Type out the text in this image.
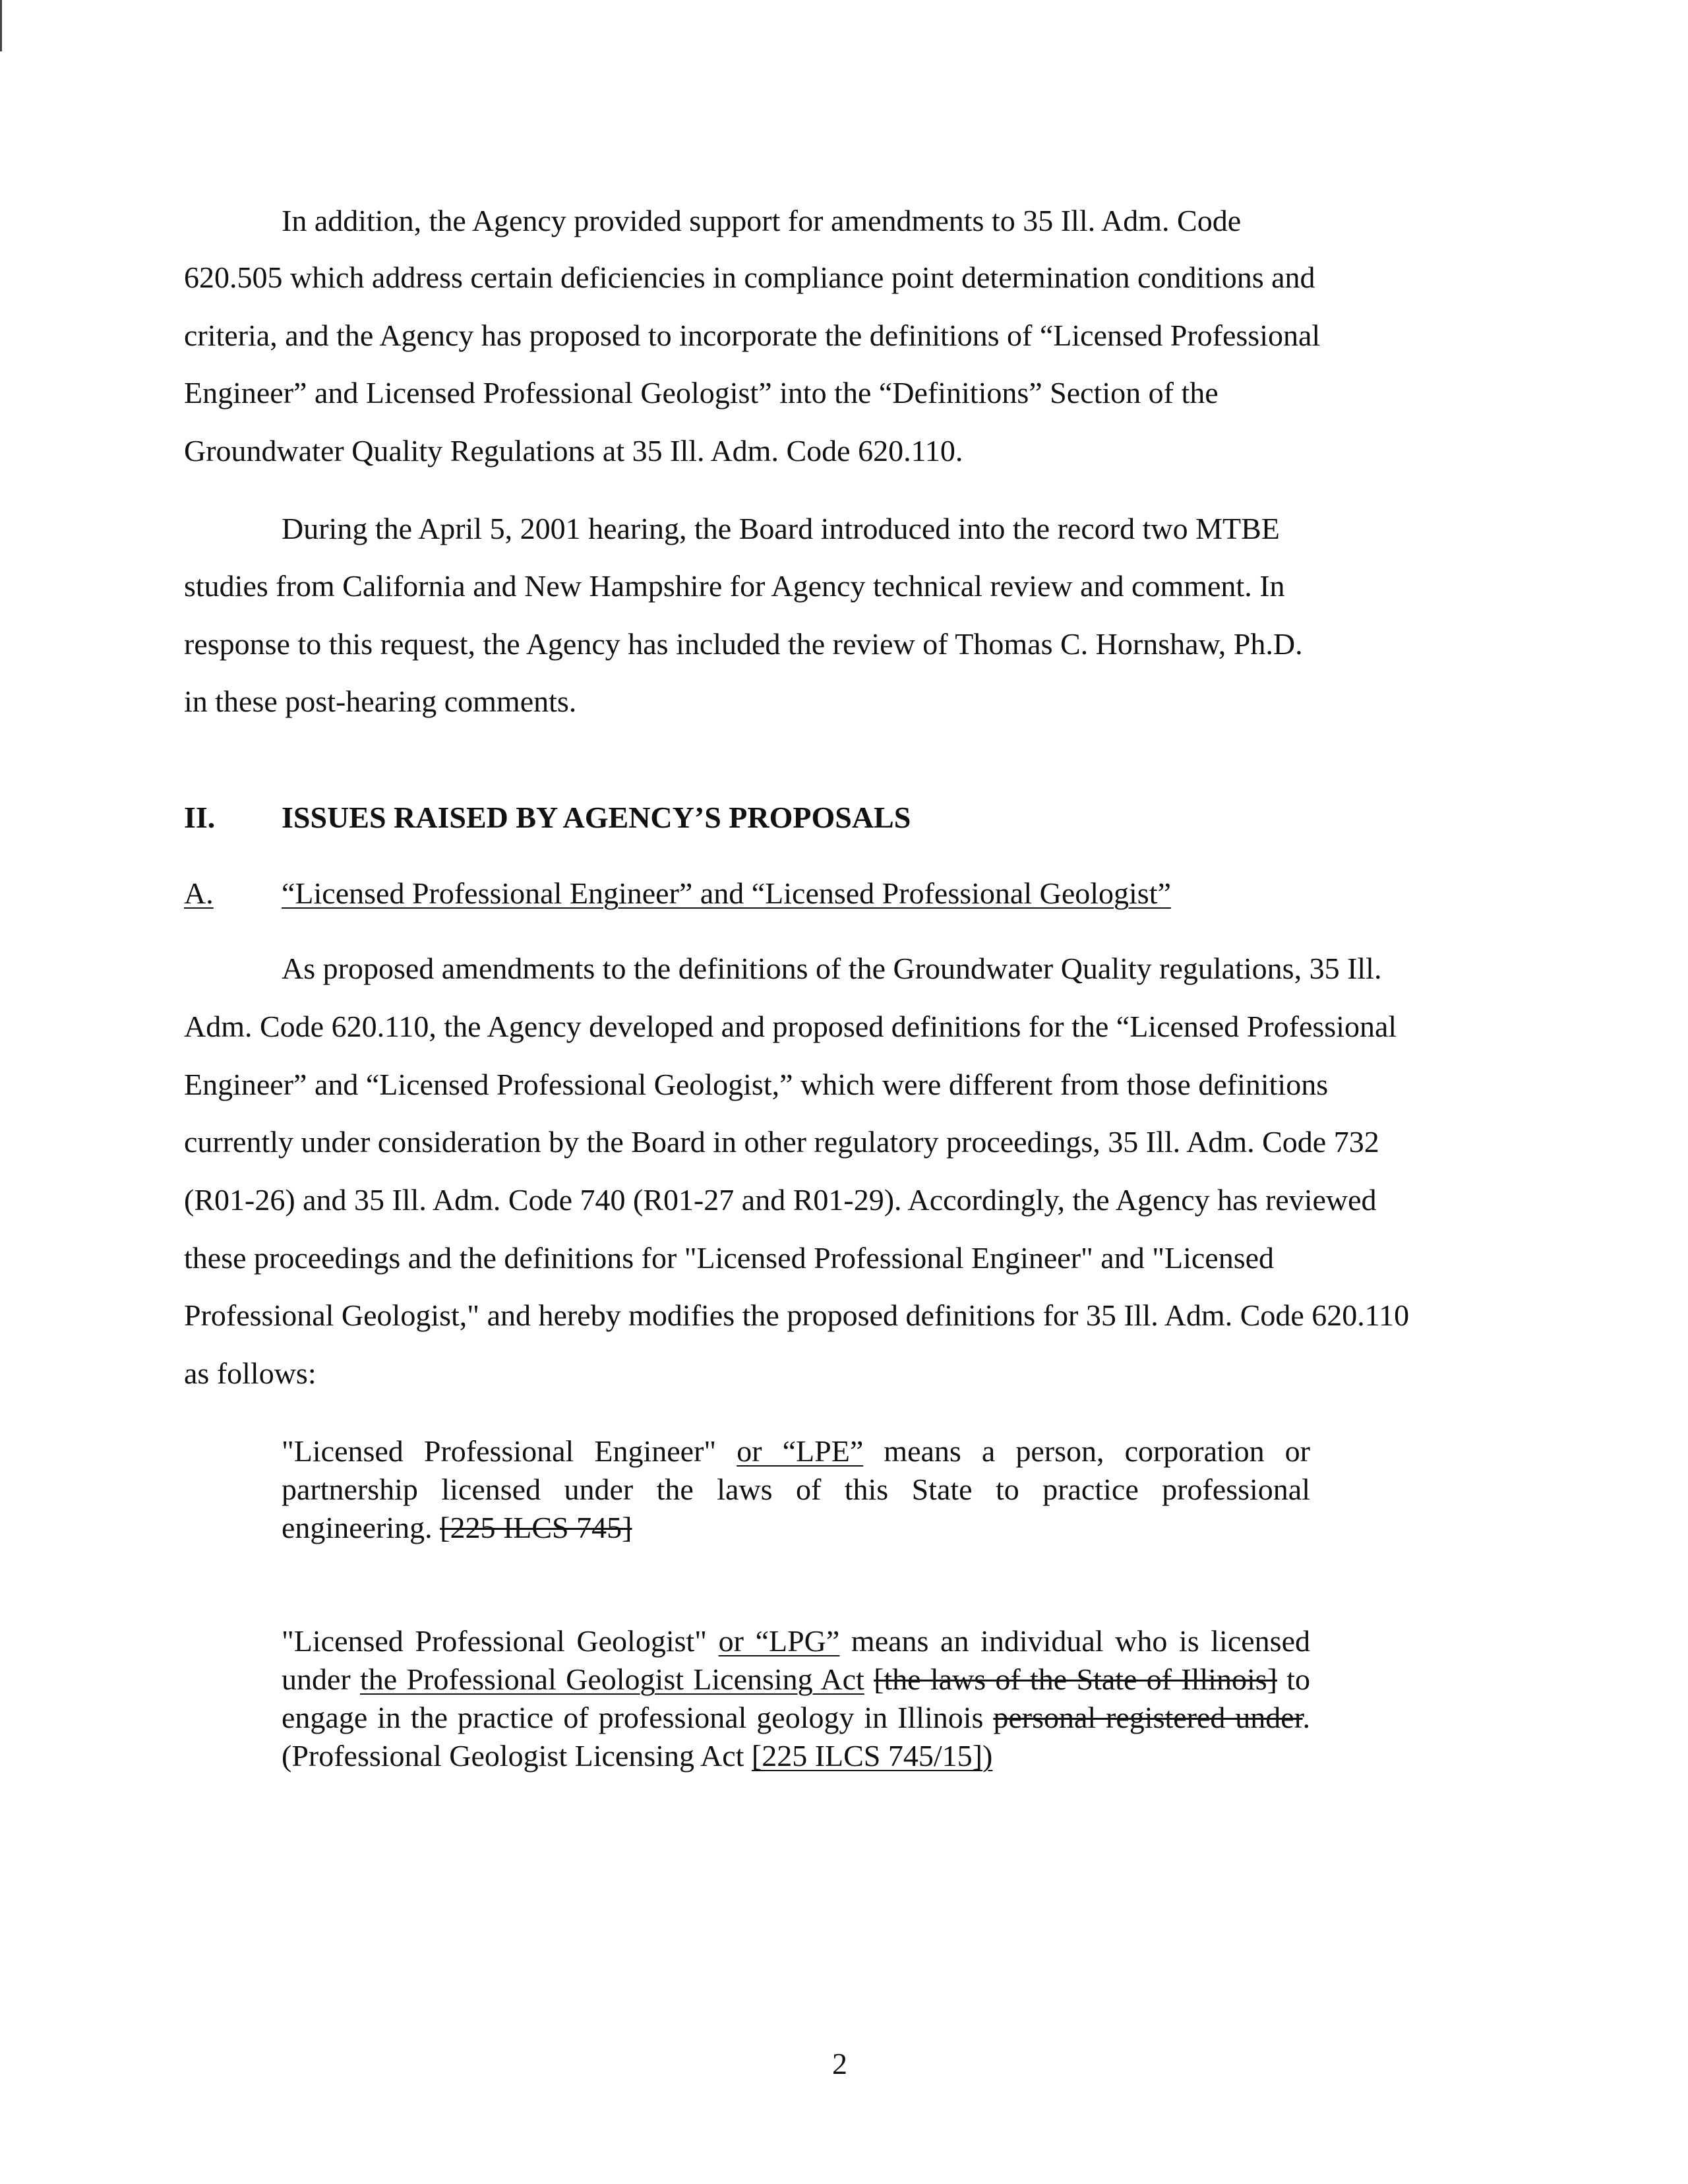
In addition, the Agency provided support for amendments to 35 Ill. Adm. Code
620.505 which address certain deficiencies in compliance point determination conditions and
criteria, and the Agency has proposed to incorporate the definitions of “Licensed Professional
Engineer” and Licensed Professional Geologist” into the “Definitions” Section of the
Groundwater Quality Regulations at 35 Ill. Adm. Code 620.110.
During the April 5, 2001 hearing, the Board introduced into the record two MTBE
studies from California and New Hampshire for Agency technical review and comment. In
response to this request, the Agency has included the review of Thomas C. Hornshaw, Ph.D.
in these post-hearing comments.
II. ISSUES RAISED BY AGENCY’S PROPOSALS
A. “Licensed Professional Engineer” and “Licensed Professional Geologist”
As proposed amendments to the definitions of the Groundwater Quality regulations, 35 Ill.
Adm. Code 620.110, the Agency developed and proposed definitions for the “Licensed Professional
Engineer” and “Licensed Professional Geologist,” which were different from those definitions
currently under consideration by the Board in other regulatory proceedings, 35 Ill. Adm. Code 732
(R01-26) and 35 Ill. Adm. Code 740 (R01-27 and R01-29). Accordingly, the Agency has reviewed
these proceedings and the definitions for "Licensed Professional Engineer" and "Licensed
Professional Geologist," and hereby modifies the proposed definitions for 35 Ill. Adm. Code 620.110
as follows:

"Licensed Professional Engineer" or “LPE” means a person, corporation or partnership licensed under the laws of this State to practice professional engineering. [225 ILCS 745]

"Licensed Professional Geologist" or “LPG” means an individual who is licensed under the Professional Geologist Licensing Act [the laws of the State of Illinois] to engage in the practice of professional geology in Illinois personal registered under. (Professional Geologist Licensing Act [225 ILCS 745/15])

2
